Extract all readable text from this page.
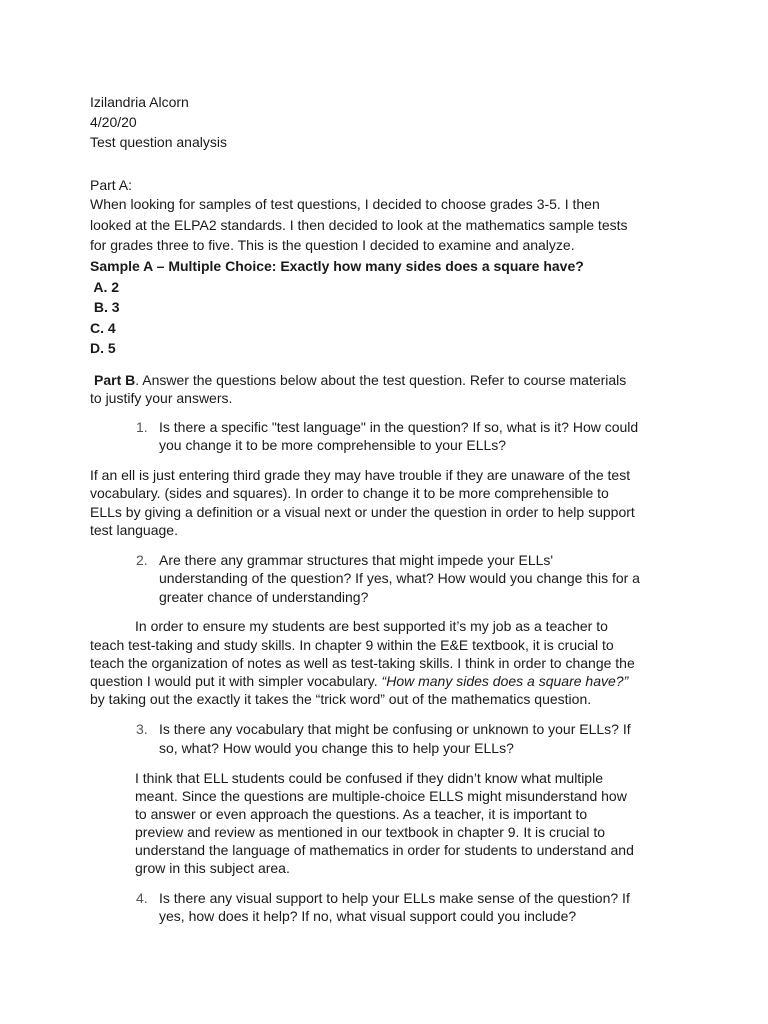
Izilandria Alcorn
4/20/20
Test question analysis
Part A:
When looking for samples of test questions, I decided to choose grades 3-5. I then
looked at the ELPA2 standards. I then decided to look at the mathematics sample tests
for grades three to five. This is the question I decided to examine and analyze.
Sample A – Multiple Choice: Exactly how many sides does a square have?
A. 2
B. 3
C. 4
D. 5
Part B. Answer the questions below about the test question. Refer to course materials
to justify your answers.
1. Is there a specific "test language" in the question? If so, what is it? How could
you change it to be more comprehensible to your ELLs?
If an ell is just entering third grade they may have trouble if they are unaware of the test
vocabulary. (sides and squares). In order to change it to be more comprehensible to
ELLs by giving a definition or a visual next or under the question in order to help support
test language.
2. Are there any grammar structures that might impede your ELLs'
understanding of the question? If yes, what? How would you change this for a
greater chance of understanding?
In order to ensure my students are best supported it’s my job as a teacher to
teach test-taking and study skills. In chapter 9 within the E&E textbook, it is crucial to
teach the organization of notes as well as test-taking skills. I think in order to change the
question I would put it with simpler vocabulary. “How many sides does a square have?”
by taking out the exactly it takes the “trick word” out of the mathematics question.
3. Is there any vocabulary that might be confusing or unknown to your ELLs? If
so, what? How would you change this to help your ELLs?
I think that ELL students could be confused if they didn’t know what multiple
meant. Since the questions are multiple-choice ELLS might misunderstand how
to answer or even approach the questions. As a teacher, it is important to
preview and review as mentioned in our textbook in chapter 9. It is crucial to
understand the language of mathematics in order for students to understand and
grow in this subject area.
4. Is there any visual support to help your ELLs make sense of the question? If
yes, how does it help? If no, what visual support could you include?
